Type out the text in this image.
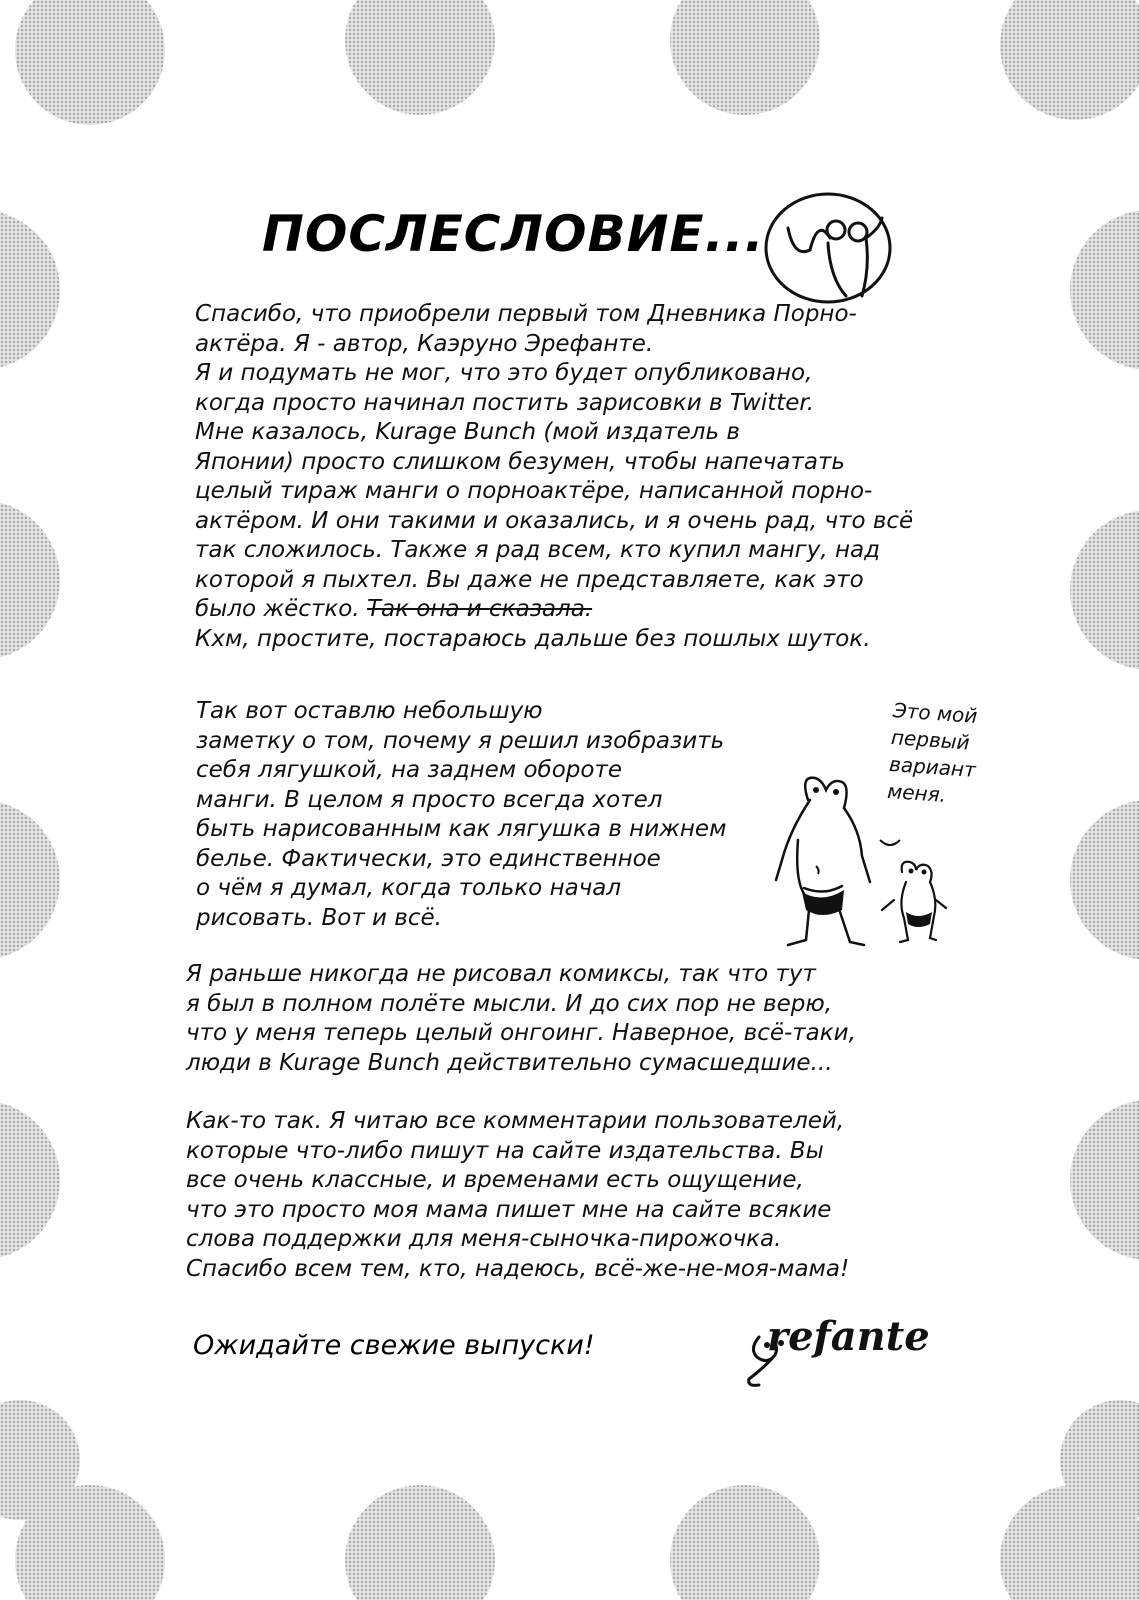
ПОСЛЕСЛОВИЕ...

Спасибо, что приобрели первый том Дневника Порно-
актёра. Я - автор, Каэруно Эрефанте.
Я и подумать не мог, что это будет опубликовано,
когда просто начинал постить зарисовки в Twitter.
Мне казалось, Kurage Bunch (мой издатель в
Японии) просто слишком безумен, чтобы напечатать
целый тираж манги о порноактёре, написанной порно-
актёром. И они такими и оказались, и я очень рад, что всё
так сложилось. Также я рад всем, кто купил мангу, над
которой я пыхтел. Вы даже не представляете, как это
было жёстко. Так она и сказала.
Кхм, простите, постараюсь дальше без пошлых шуток.

Так вот оставлю небольшую
заметку о том, почему я решил изобразить
себя лягушкой, на заднем обороте
манги. В целом я просто всегда хотел
быть нарисованным как лягушка в нижнем
белье. Фактически, это единственное
о чём я думал, когда только начал
рисовать. Вот и всё.

Это мой
первый
вариант
меня.

Я раньше никогда не рисовал комиксы, так что тут
я был в полном полёте мысли. И до сих пор не верю,
что у меня теперь целый онгоинг. Наверное, всё-таки,
люди в Kurage Bunch действительно сумасшедшие...

Как-то так. Я читаю все комментарии пользователей,
которые что-либо пишут на сайте издательства. Вы
все очень классные, и временами есть ощущение,
что это просто моя мама пишет мне на сайте всякие
слова поддержки для меня-сыночка-пирожочка.
Спасибо всем тем, кто, надеюсь, всё-же-не-моя-мама!

Ожидайте свежие выпуски!	refante
